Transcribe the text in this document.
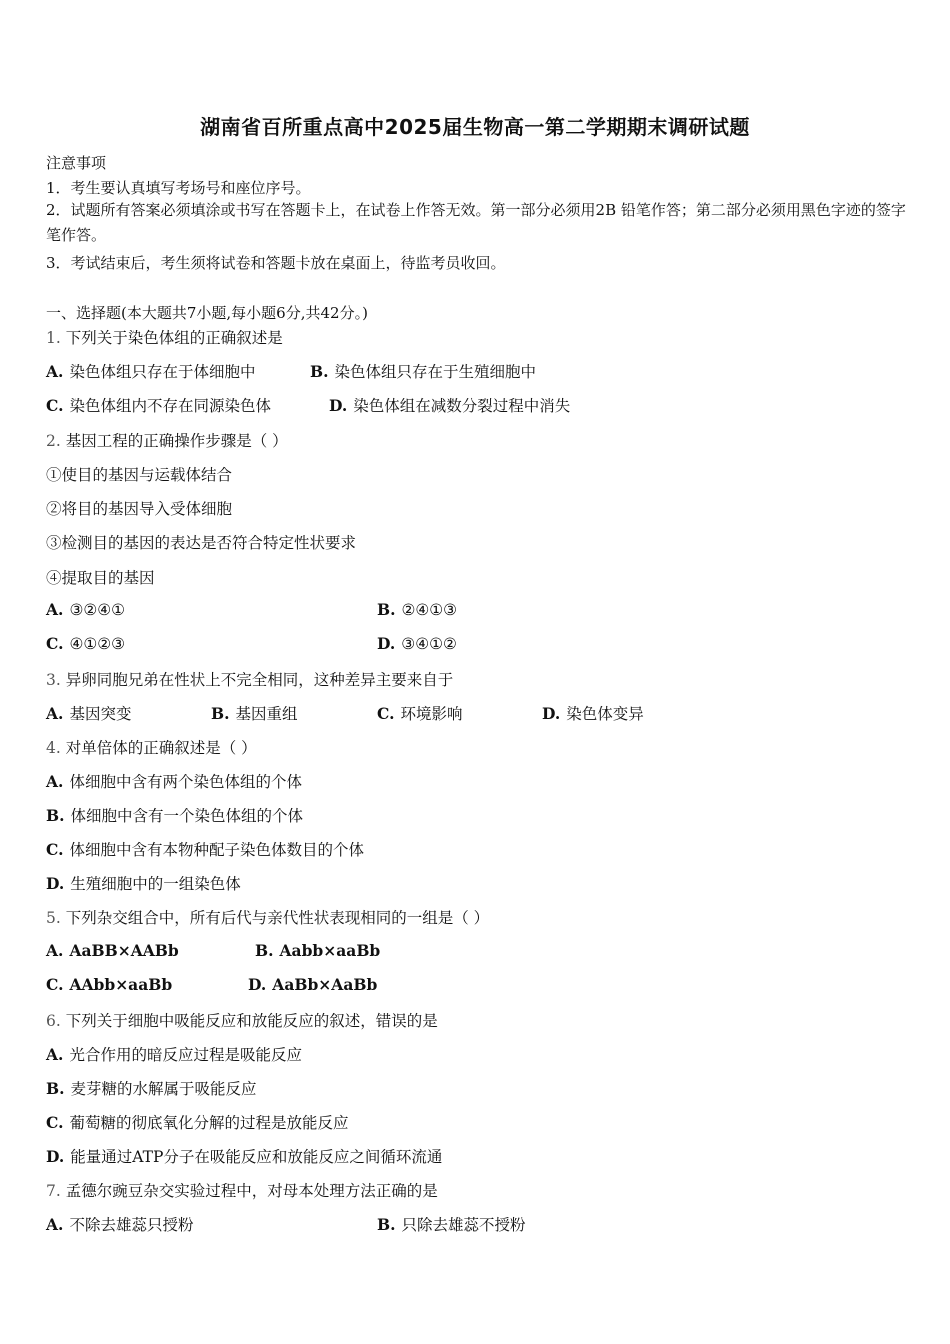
湖南省百所重点高中2025届生物高一第二学期期末调研试题
注意事项
1．考生要认真填写考场号和座位序号。
2．试题所有答案必须填涂或书写在答题卡上，在试卷上作答无效。第一部分必须用2B 铅笔作答；第二部分必须用黑色字迹的签字笔作答。
3．考试结束后，考生须将试卷和答题卡放在桌面上，待监考员收回。
一、选择题(本大题共7小题,每小题6分,共42分。)
1. 下列关于染色体组的正确叙述是
A. 染色体组只存在于体细胞中	B. 染色体组只存在于生殖细胞中
C. 染色体组内不存在同源染色体	D. 染色体组在减数分裂过程中消失
2. 基因工程的正确操作步骤是（ ）
①使目的基因与运载体结合
②将目的基因导入受体细胞
③检测目的基因的表达是否符合特定性状要求
④提取目的基因
A. ③②④①	B. ②④①③
C. ④①②③	D. ③④①②
3. 异卵同胞兄弟在性状上不完全相同，这种差异主要来自于
A. 基因突变	B. 基因重组	C. 环境影响	D. 染色体变异
4. 对单倍体的正确叙述是（ ）
A. 体细胞中含有两个染色体组的个体
B. 体细胞中含有一个染色体组的个体
C. 体细胞中含有本物种配子染色体数目的个体
D. 生殖细胞中的一组染色体
5. 下列杂交组合中，所有后代与亲代性状表现相同的一组是（ ）
A. AaBB×AABb	B. Aabb×aaBb
C. AAbb×aaBb	D. AaBb×AaBb
6. 下列关于细胞中吸能反应和放能反应的叙述，错误的是
A. 光合作用的暗反应过程是吸能反应
B. 麦芽糖的水解属于吸能反应
C. 葡萄糖的彻底氧化分解的过程是放能反应
D. 能量通过ATP分子在吸能反应和放能反应之间循环流通
7. 孟德尔豌豆杂交实验过程中，对母本处理方法正确的是
A. 不除去雄蕊只授粉	B. 只除去雄蕊不授粉
